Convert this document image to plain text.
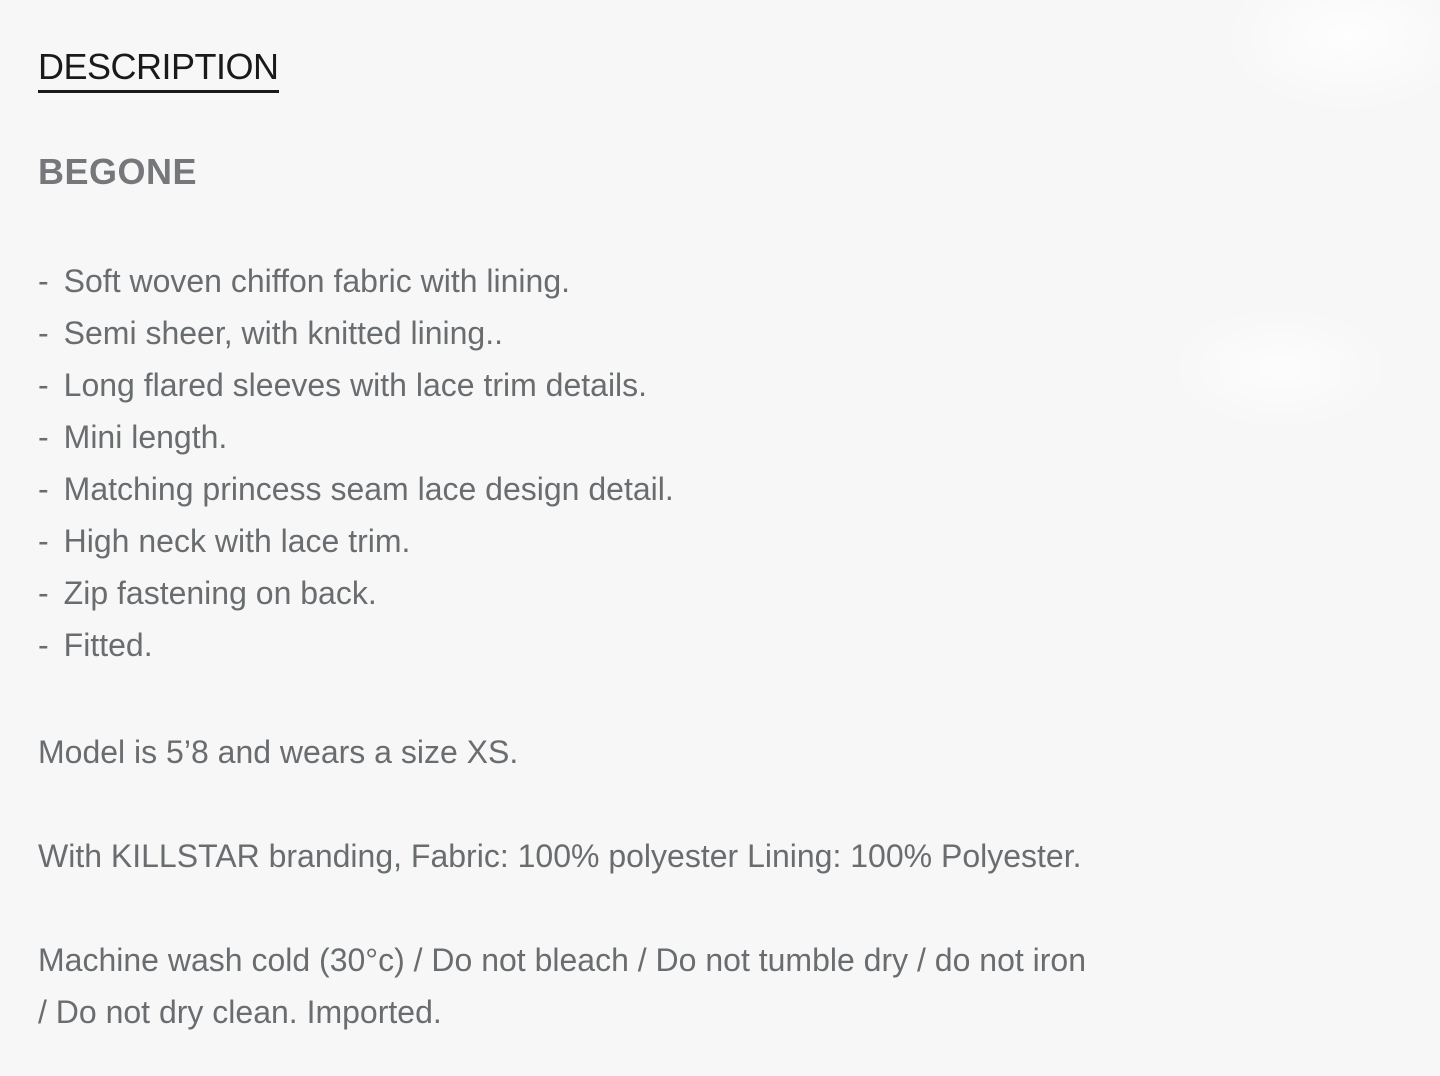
DESCRIPTION
BEGONE
- Soft woven chiffon fabric with lining.
- Semi sheer, with knitted lining..
- Long flared sleeves with lace trim details.
- Mini length.
- Matching princess seam lace design detail.
- High neck with lace trim.
- Zip fastening on back.
- Fitted.

Model is 5’8 and wears a size XS.

With KILLSTAR branding, Fabric: 100% polyester Lining: 100% Polyester.

Machine wash cold (30°c) / Do not bleach / Do not tumble dry / do not iron
/ Do not dry clean. Imported.
